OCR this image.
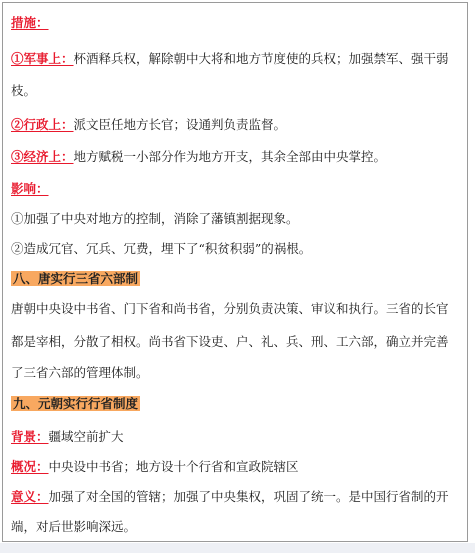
措施：
①军事上：杯酒释兵权，解除朝中大将和地方节度使的兵权；加强禁军、强干弱
枝。
②行政上：派文臣任地方长官；设通判负责监督。
③经济上：地方赋税一小部分作为地方开支，其余全部由中央掌控。
影响：
①加强了中央对地方的控制，消除了藩镇割据现象。
②造成冗官、冗兵、冗费，埋下了“积贫积弱”的祸根。
八、唐实行三省六部制
唐朝中央设中书省、门下省和尚书省，分别负责决策、审议和执行。三省的长官
都是宰相，分散了相权。尚书省下设吏、户、礼、兵、刑、工六部，确立并完善
了三省六部的管理体制。
九、元朝实行行省制度
背景：疆域空前扩大
概况：中央设中书省；地方设十个行省和宣政院辖区
意义：加强了对全国的管辖；加强了中央集权，巩固了统一。是中国行省制的开
端，对后世影响深远。
